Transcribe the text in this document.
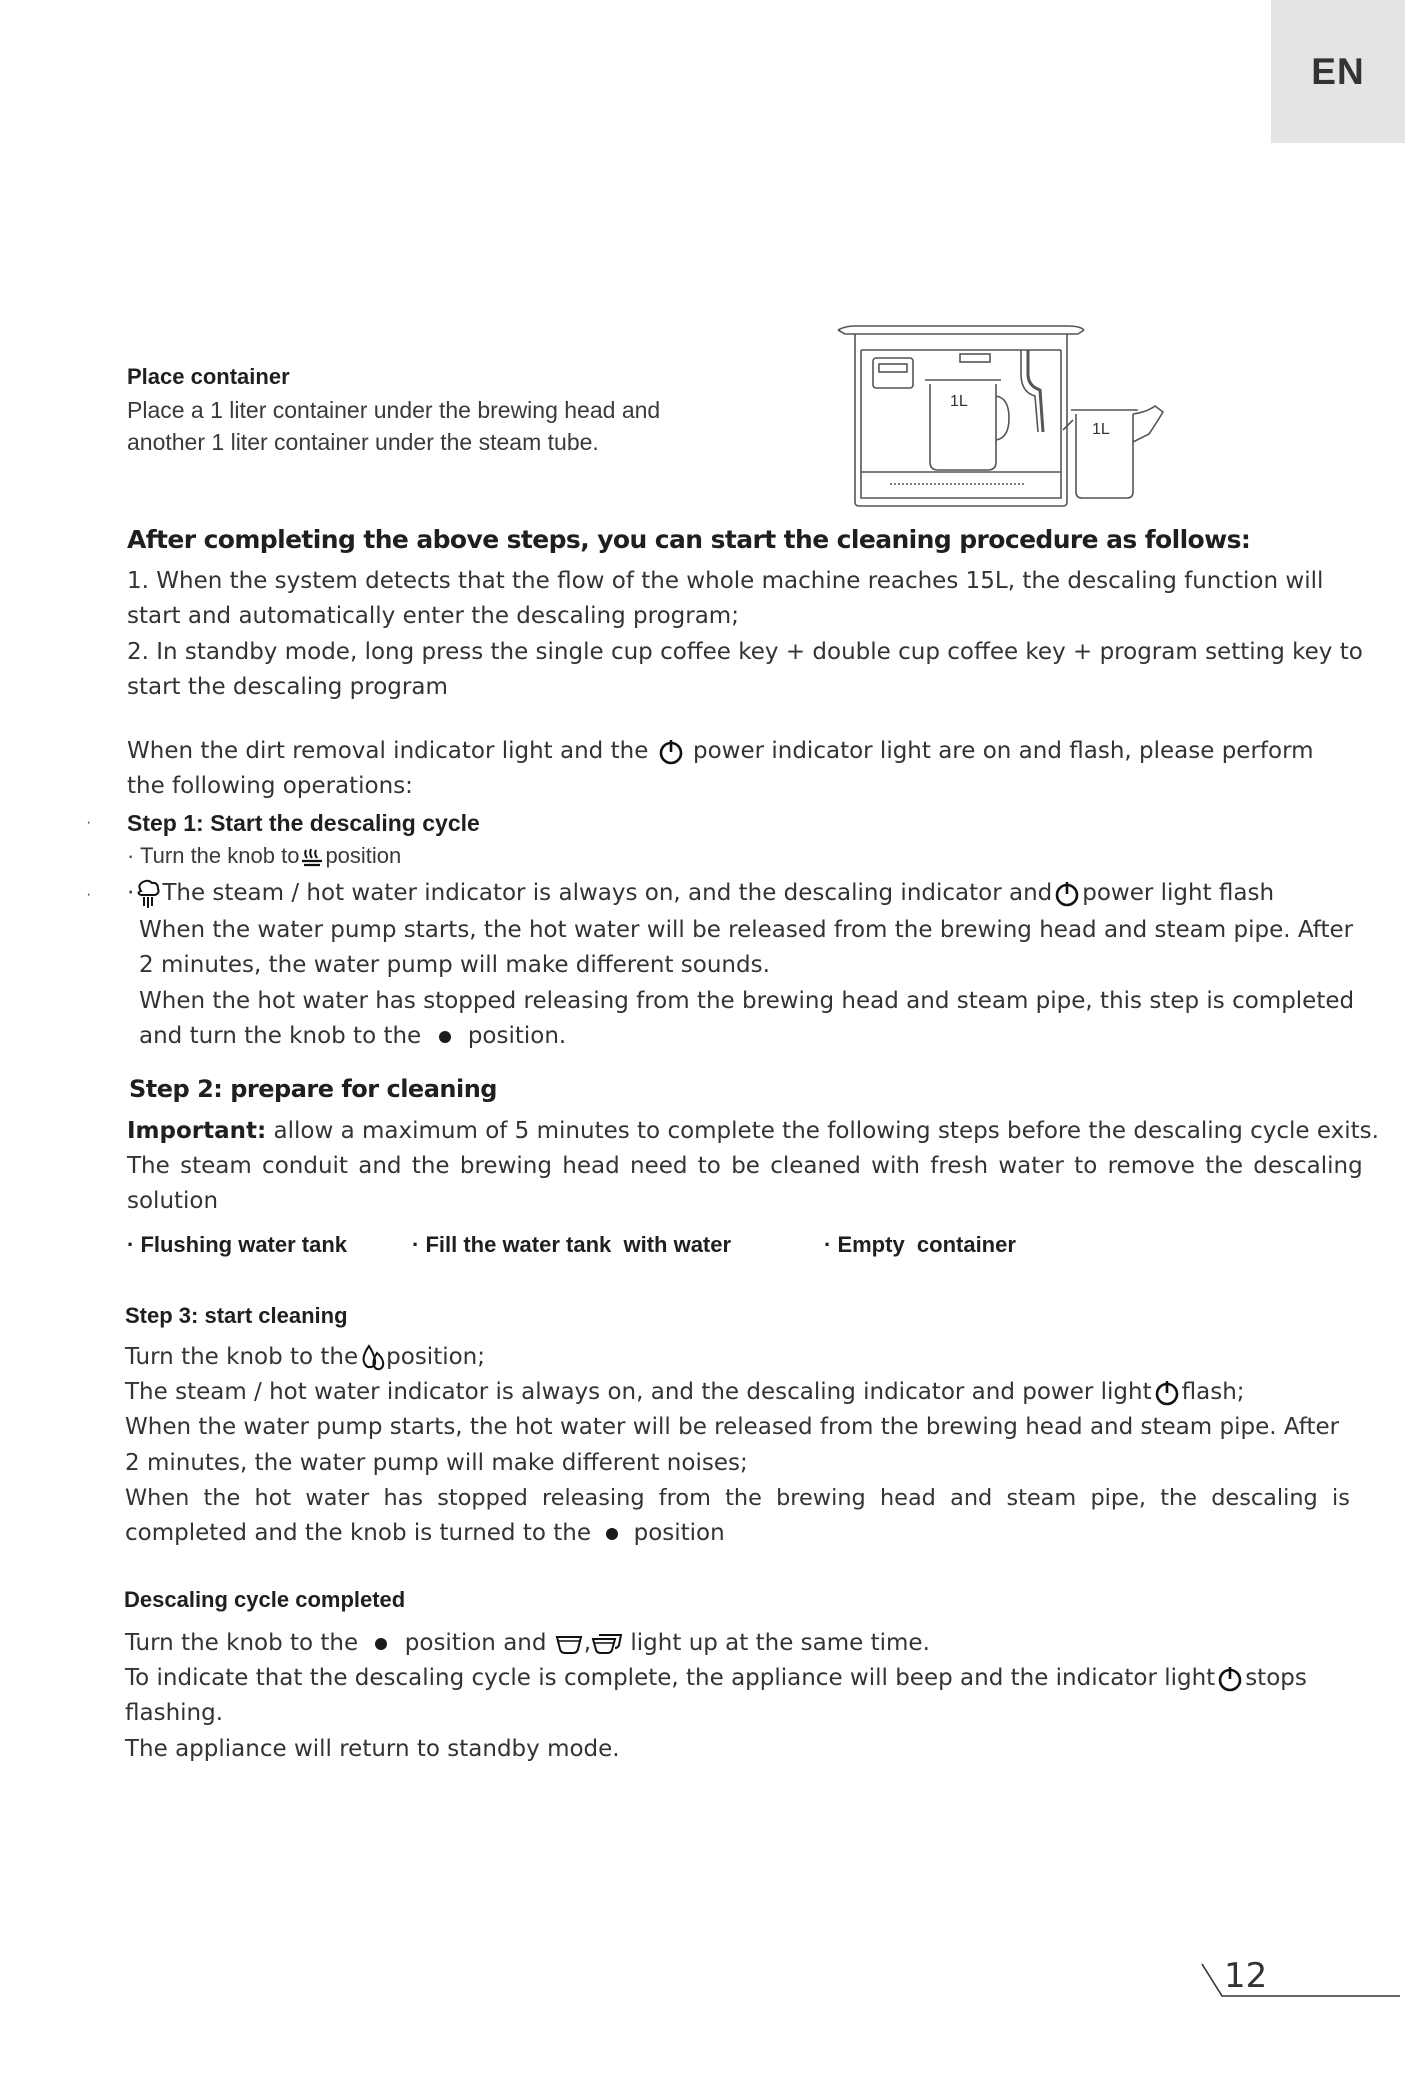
EN
Place container
Place a 1 liter container under the brewing head and
another 1 liter container under the steam tube.
1L
1L
After completing the above steps, you can start the cleaning procedure as follows:
1. When the system detects that the flow of the whole machine reaches 15L, the descaling function will
start and automatically enter the descaling program;
2. In standby mode, long press the single cup coffee key + double cup coffee key + program setting key to
start the descaling program
When the dirt removal indicator light and the power indicator light are on and flash, please perform
the following operations:
·
·
Step 1: Start the descaling cycle
· Turn the knob to position
· The steam / hot water indicator is always on, and the descaling indicator and power light flash
When the water pump starts, the hot water will be released from the brewing head and steam pipe. After
2 minutes, the water pump will make different sounds.
When the hot water has stopped releasing from the brewing head and steam pipe, this step is completed
and turn the knob to the position.
Step 2: prepare for cleaning
Important: allow a maximum of 5 minutes to complete the following steps before the descaling cycle exits.
The steam conduit and the brewing head need to be cleaned with fresh water to remove the descaling
solution
· Flushing water tank	· Fill the water tank  with water	· Empty  container
Step 3: start cleaning
Turn the knob to the position;
The steam / hot water indicator is always on, and the descaling indicator and power light flash;
When the water pump starts, the hot water will be released from the brewing head and steam pipe. After
2 minutes, the water pump will make different noises;
When  the  hot  water  has  stopped  releasing  from  the  brewing  head  and  steam  pipe,  the  descaling  is
completed and the knob is turned to the position
Descaling cycle completed
Turn the knob to the position and , light up at the same time.
To indicate that the descaling cycle is complete, the appliance will beep and the indicator light stops
flashing.
The appliance will return to standby mode.
12
